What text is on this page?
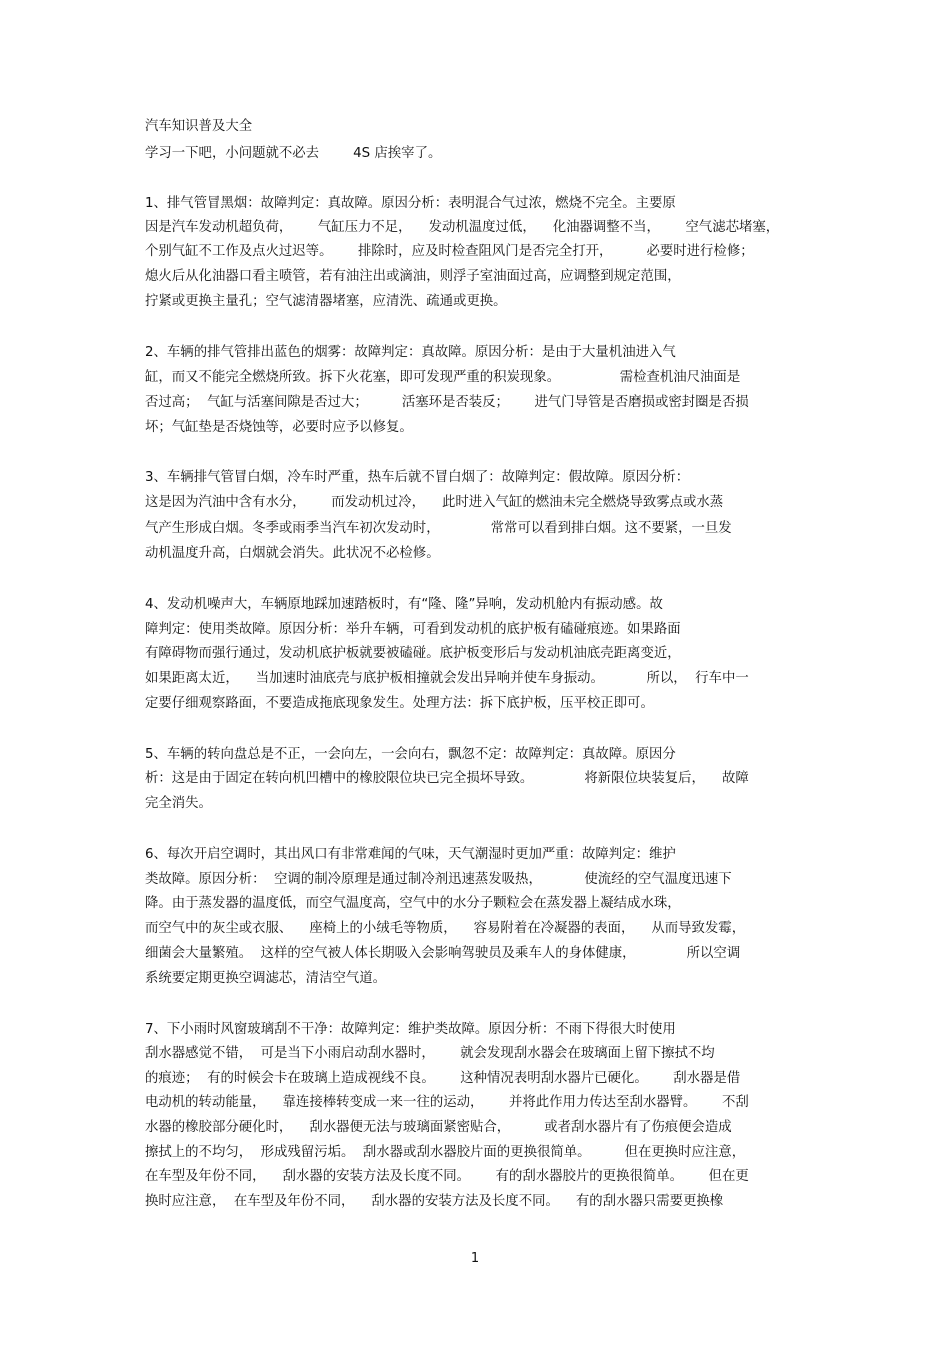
汽车知识普及大全
学习一下吧，小问题就不必去        4S 店挨宰了。
1、排气管冒黑烟：故障判定：真故障。原因分析：表明混合气过浓，燃烧不完全。主要原
因是汽车发动机超负荷，      气缸压力不足，    发动机温度过低，    化油器调整不当，      空气滤芯堵塞，
个别气缸不工作及点火过迟等。      排除时，应及时检查阻风门是否完全打开，        必要时进行检修；
熄火后从化油器口看主喷管，若有油注出或滴油，则浮子室油面过高，应调整到规定范围，
拧紧或更换主量孔；空气滤清器堵塞，应清洗、疏通或更换。
2、车辆的排气管排出蓝色的烟雾：故障判定：真故障。原因分析：是由于大量机油进入气
缸，而又不能完全燃烧所致。拆下火花塞，即可发现严重的积炭现象。              需检查机油尺油面是
否过高；  气缸与活塞间隙是否过大；        活塞环是否装反；      进气门导管是否磨损或密封圈是否损
坏；气缸垫是否烧蚀等，必要时应予以修复。
3、车辆排气管冒白烟，冷车时严重，热车后就不冒白烟了：故障判定：假故障。原因分析：
这是因为汽油中含有水分，      而发动机过冷，    此时进入气缸的燃油未完全燃烧导致雾点或水蒸
气产生形成白烟。冬季或雨季当汽车初次发动时，            常常可以看到排白烟。这不要紧，一旦发
动机温度升高，白烟就会消失。此状况不必检修。
4、发动机噪声大，车辆原地踩加速踏板时，有“隆、隆”异响，发动机舱内有振动感。故
障判定：使用类故障。原因分析：举升车辆，可看到发动机的底护板有磕碰痕迹。如果路面
有障碍物而强行通过，发动机底护板就要被磕碰。底护板变形后与发动机油底壳距离变近，
如果距离太近，    当加速时油底壳与底护板相撞就会发出异响并使车身振动。          所以，  行车中一
定要仔细观察路面，不要造成拖底现象发生。处理方法：拆下底护板，压平校正即可。
5、车辆的转向盘总是不正，一会向左，一会向右，飘忽不定：故障判定：真故障。原因分
析：这是由于固定在转向机凹槽中的橡胶限位块已完全损坏导致。            将新限位块装复后，    故障
完全消失。
6、每次开启空调时，其出风口有非常难闻的气味，天气潮湿时更加严重：故障判定：维护
类故障。原因分析：  空调的制冷原理是通过制冷剂迅速蒸发吸热，          使流经的空气温度迅速下
降。由于蒸发器的温度低，而空气温度高，空气中的水分子颗粒会在蒸发器上凝结成水珠，
而空气中的灰尘或衣服、    座椅上的小绒毛等物质，    容易附着在冷凝器的表面，    从而导致发霉，
细菌会大量繁殖。  这样的空气被人体长期吸入会影响驾驶员及乘车人的身体健康，            所以空调
系统要定期更换空调滤芯，清洁空气道。
7、下小雨时风窗玻璃刮不干净：故障判定：维护类故障。原因分析：不雨下得很大时使用
刮水器感觉不错，  可是当下小雨启动刮水器时，      就会发现刮水器会在玻璃面上留下擦拭不均
的痕迹；  有的时候会卡在玻璃上造成视线不良。      这种情况表明刮水器片已硬化。      刮水器是借
电动机的转动能量，    靠连接棒转变成一来一往的运动，      并将此作用力传达至刮水器臂。      不刮
水器的橡胶部分硬化时，    刮水器便无法与玻璃面紧密贴合，        或者刮水器片有了伤痕便会造成
擦拭上的不均匀，  形成残留污垢。  刮水器或刮水器胶片面的更换很简单。        但在更换时应注意，
在车型及年份不同，    刮水器的安装方法及长度不同。      有的刮水器胶片的更换很简单。      但在更
换时应注意，  在车型及年份不同，    刮水器的安装方法及长度不同。    有的刮水器只需要更换橡
1
